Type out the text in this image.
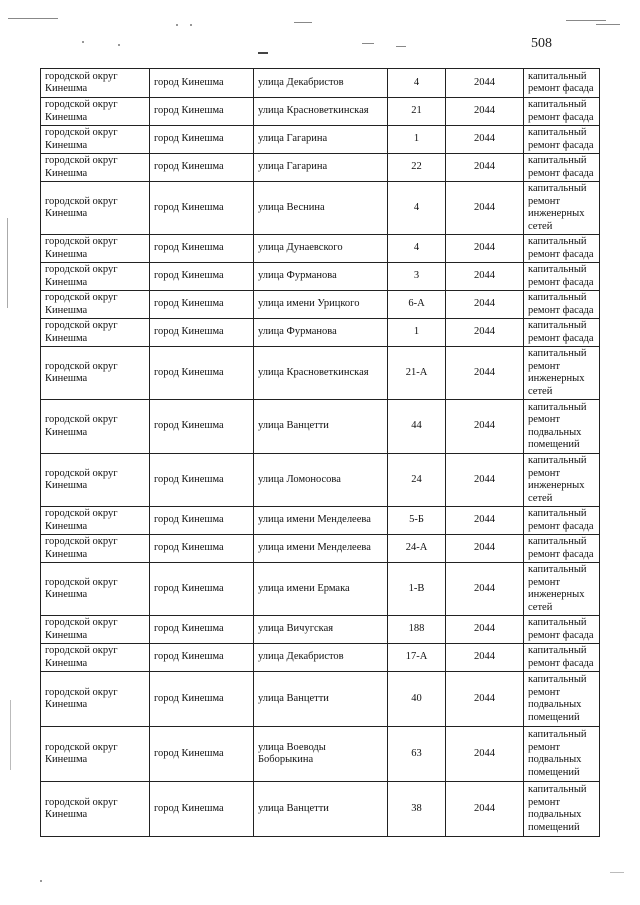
508
городской округ Кинешма	город Кинешма	улица Декабристов	4	2044	капитальный ремонт фасада
городской округ Кинешма	город Кинешма	улица Красноветкинская	21	2044	капитальный ремонт фасада
городской округ Кинешма	город Кинешма	улица Гагарина	1	2044	капитальный ремонт фасада
городской округ Кинешма	город Кинешма	улица Гагарина	22	2044	капитальный ремонт фасада
городской округ Кинешма	город Кинешма	улица Веснина	4	2044	капитальный ремонт инженерных сетей
городской округ Кинешма	город Кинешма	улица Дунаевского	4	2044	капитальный ремонт фасада
городской округ Кинешма	город Кинешма	улица Фурманова	3	2044	капитальный ремонт фасада
городской округ Кинешма	город Кинешма	улица имени Урицкого	6-А	2044	капитальный ремонт фасада
городской округ Кинешма	город Кинешма	улица Фурманова	1	2044	капитальный ремонт фасада
городской округ Кинешма	город Кинешма	улица Красноветкинская	21-А	2044	капитальный ремонт инженерных сетей
городской округ Кинешма	город Кинешма	улица Ванцетти	44	2044	капитальный ремонт подвальных помещений
городской округ Кинешма	город Кинешма	улица Ломоносова	24	2044	капитальный ремонт инженерных сетей
городской округ Кинешма	город Кинешма	улица имени Менделеева	5-Б	2044	капитальный ремонт фасада
городской округ Кинешма	город Кинешма	улица имени Менделеева	24-А	2044	капитальный ремонт фасада
городской округ Кинешма	город Кинешма	улица имени Ермака	1-В	2044	капитальный ремонт инженерных сетей
городской округ Кинешма	город Кинешма	улица Вичугская	188	2044	капитальный ремонт фасада
городской округ Кинешма	город Кинешма	улица Декабристов	17-А	2044	капитальный ремонт фасада
городской округ Кинешма	город Кинешма	улица Ванцетти	40	2044	капитальный ремонт подвальных помещений
городской округ Кинешма	город Кинешма	улица Воеводы Боборыкина	63	2044	капитальный ремонт подвальных помещений
городской округ Кинешма	город Кинешма	улица Ванцетти	38	2044	капитальный ремонт подвальных помещений
